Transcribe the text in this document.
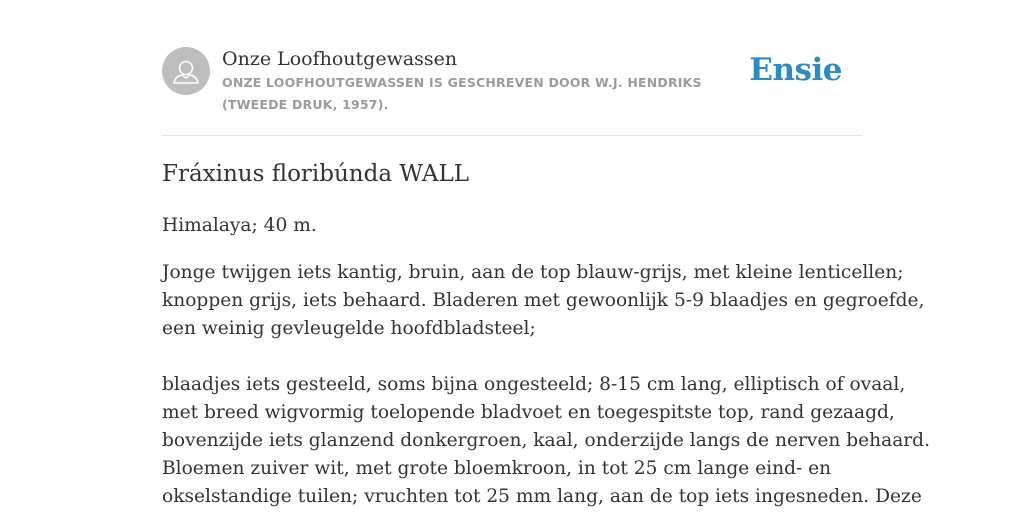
Onze Loofhoutgewassen
ONZE LOOFHOUTGEWASSEN IS GESCHREVEN DOOR W.J. HENDRIKS (TWEEDE DRUK, 1957).
Ensie
Fráxinus floribúnda WALL

Himalaya; 40 m.

Jonge twijgen iets kantig, bruin, aan de top blauw-grijs, met kleine lenticellen;
knoppen grijs, iets behaard. Bladeren met gewoonlijk 5-9 blaadjes en gegroefde,
een weinig gevleugelde hoofdbladsteel;

blaadjes iets gesteeld, soms bijna ongesteeld; 8-15 cm lang, elliptisch of ovaal,
met breed wigvormig toelopende bladvoet en toegespitste top, rand gezaagd,
bovenzijde iets glanzend donkergroen, kaal, onderzijde langs de nerven behaard.
Bloemen zuiver wit, met grote bloemkroon, in tot 25 cm lange eind- en
okselstandige tuilen; vruchten tot 25 mm lang, aan de top iets ingesneden. Deze
